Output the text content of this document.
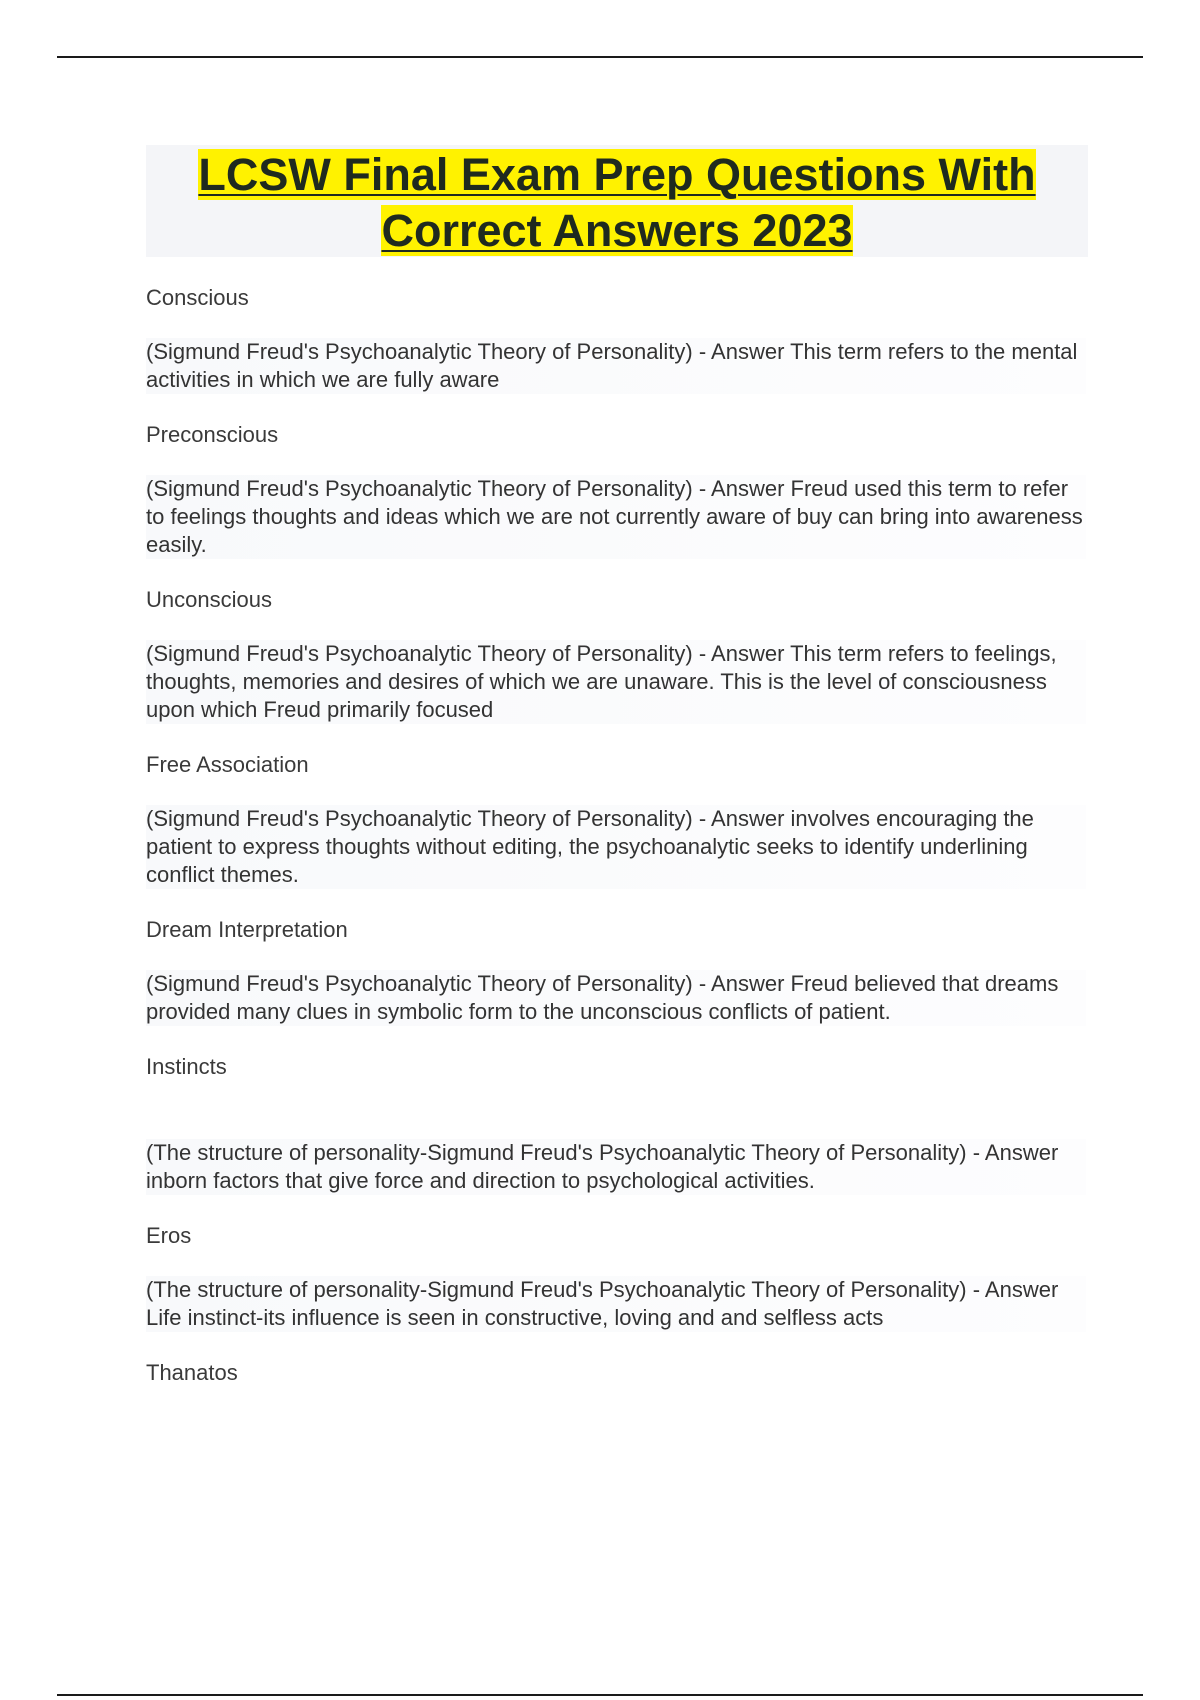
LCSW Final Exam Prep Questions With
Correct Answers 2023

Conscious

(Sigmund Freud's Psychoanalytic Theory of Personality) - Answer This term refers to the mental activities in which we are fully aware

Preconscious

(Sigmund Freud's Psychoanalytic Theory of Personality) - Answer Freud used this term to refer to feelings thoughts and ideas which we are not currently aware of buy can bring into awareness easily.

Unconscious

(Sigmund Freud's Psychoanalytic Theory of Personality) - Answer This term refers to feelings, thoughts, memories and desires of which we are unaware. This is the level of consciousness upon which Freud primarily focused

Free Association

(Sigmund Freud's Psychoanalytic Theory of Personality) - Answer involves encouraging the patient to express thoughts without editing, the psychoanalytic seeks to identify underlining conflict themes.

Dream Interpretation

(Sigmund Freud's Psychoanalytic Theory of Personality) - Answer Freud believed that dreams provided many clues in symbolic form to the unconscious conflicts of patient.

Instincts

(The structure of personality-Sigmund Freud's Psychoanalytic Theory of Personality) - Answer inborn factors that give force and direction to psychological activities.

Eros

(The structure of personality-Sigmund Freud's Psychoanalytic Theory of Personality) - Answer Life instinct-its influence is seen in constructive, loving and and selfless acts

Thanatos
